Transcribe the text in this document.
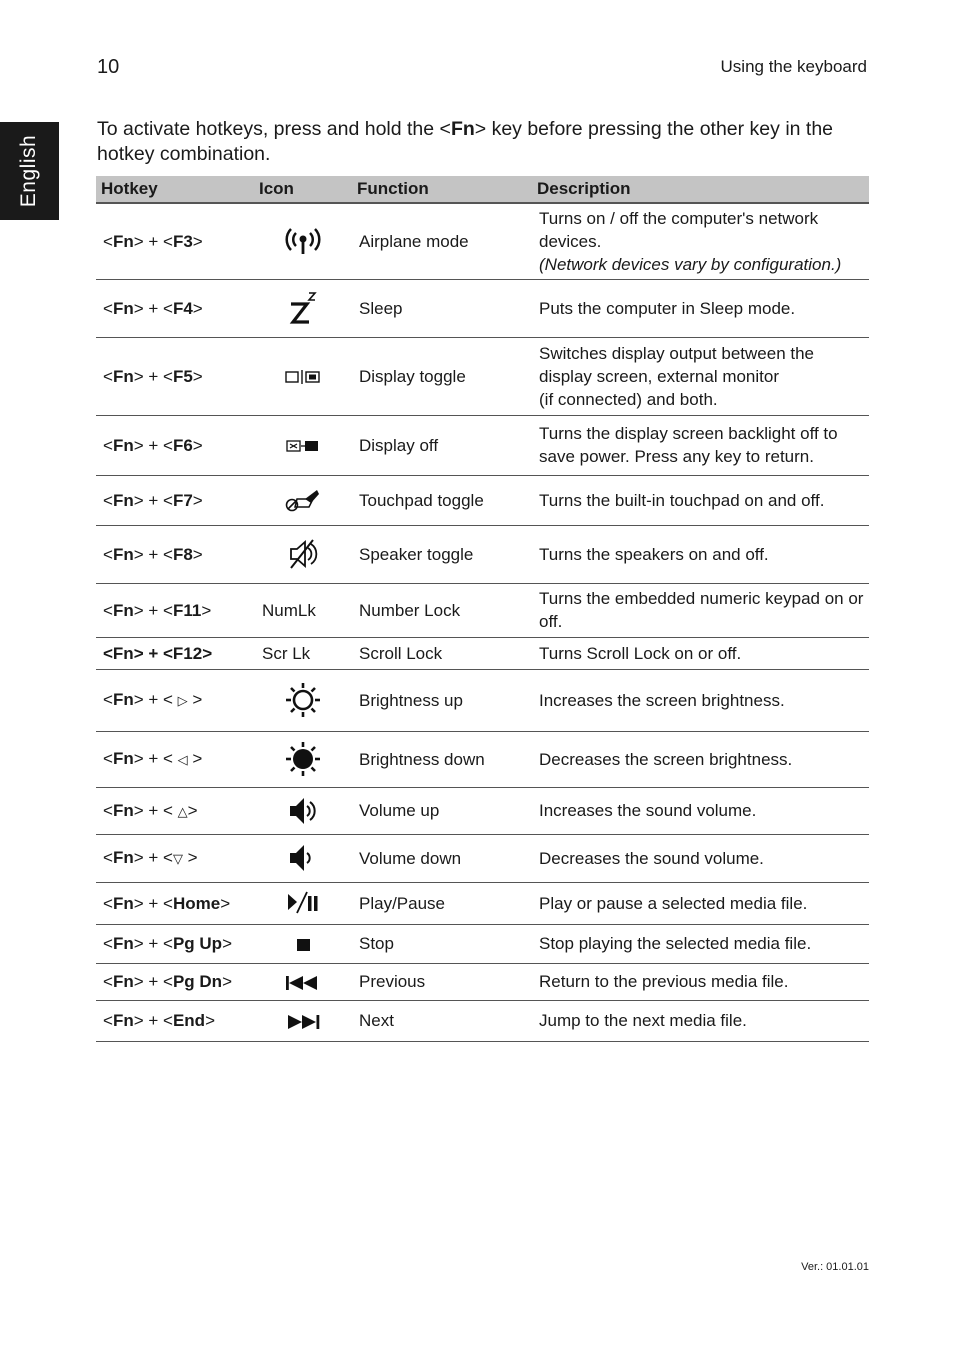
10	Using the keyboard
English

To activate hotkeys, press and hold the <Fn> key before pressing the other key in the hotkey combination.

Hotkey	Icon	Function	Description
<Fn> + <F3>		Airplane mode	Turns on / off the computer's network devices.
(Network devices vary by configuration.)
<Fn> + <F4>		Sleep	Puts the computer in Sleep mode.
<Fn> + <F5>		Display toggle	Switches display output between the display screen, external monitor
(if connected) and both.
<Fn> + <F6>		Display off	Turns the display screen backlight off to save power. Press any key to return.
<Fn> + <F7>		Touchpad toggle	Turns the built-in touchpad on and off.
<Fn> + <F8>		Speaker toggle	Turns the speakers on and off.
<Fn> + <F11>	NumLk	Number Lock	Turns the embedded numeric keypad on or off.
<Fn> + <F12>	Scr Lk	Scroll Lock	Turns Scroll Lock on or off.
<Fn> + < ▷ >		Brightness up	Increases the screen brightness.
<Fn> + < ◁ >		Brightness down	Decreases the screen brightness.
<Fn> + < △>		Volume up	Increases the sound volume.
<Fn> + <▽ >		Volume down	Decreases the sound volume.
<Fn> + <Home>		Play/Pause	Play or pause a selected media file.
<Fn> + <Pg Up>		Stop	Stop playing the selected media file.
<Fn> + <Pg Dn>		Previous	Return to the previous media file.
<Fn> + <End>		Next	Jump to the next media file.
Ver.: 01.01.01
